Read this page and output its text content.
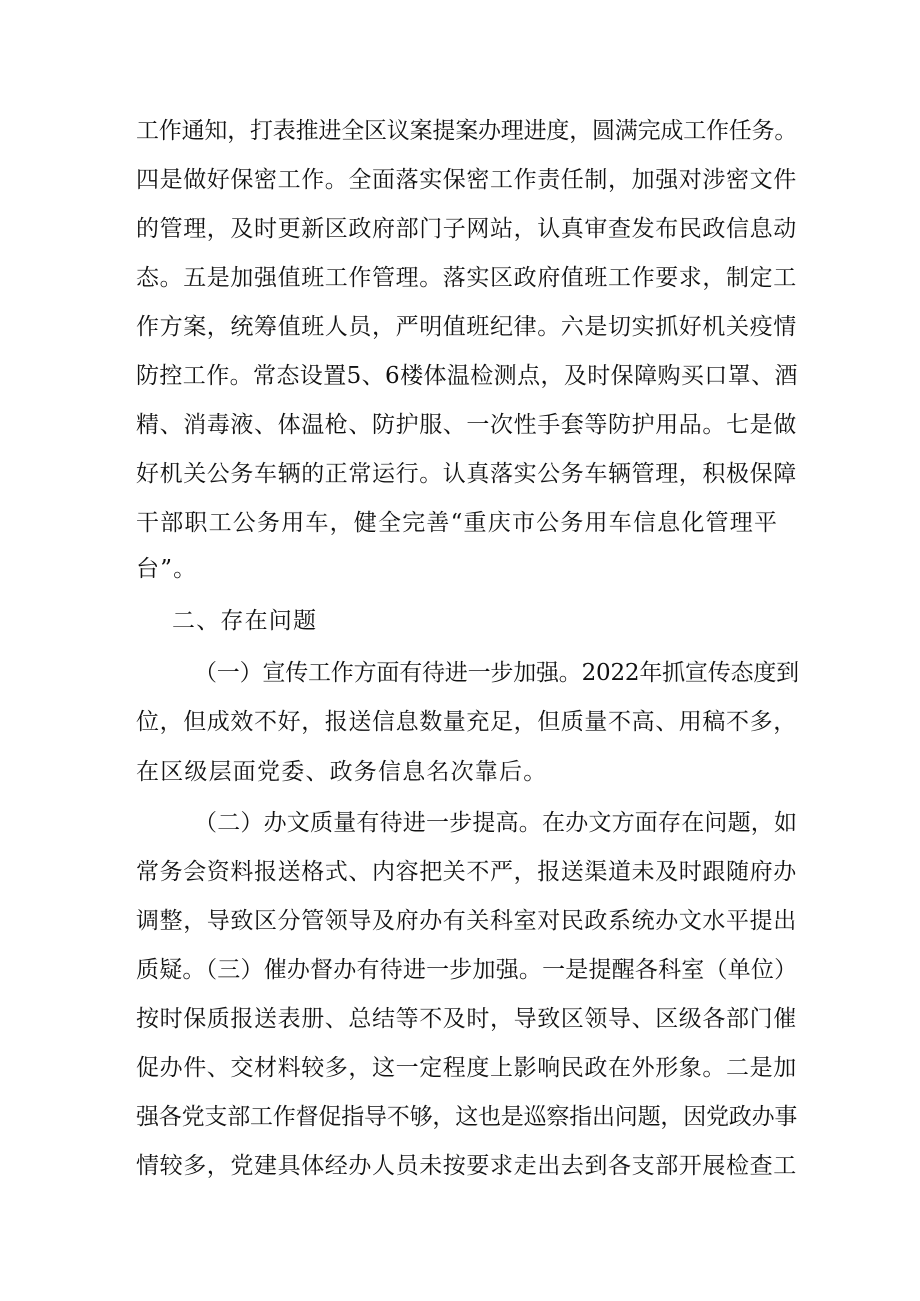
工作通知，打表推进全区议案提案办理进度，圆满完成工作任务。
四是做好保密工作。全面落实保密工作责任制，加强对涉密文件
的管理，及时更新区政府部门子网站，认真审查发布民政信息动
态。五是加强值班工作管理。落实区政府值班工作要求，制定工
作方案，统筹值班人员，严明值班纪律。六是切实抓好机关疫情
防控工作。常态设置5、6楼体温检测点，及时保障购买口罩、酒
精、消毒液、体温枪、防护服、一次性手套等防护用品。七是做
好机关公务车辆的正常运行。认真落实公务车辆管理，积极保障
干部职工公务用车，健全完善“重庆市公务用车信息化管理平
台”。
二、存在问题
（一）宣传工作方面有待进一步加强。2022年抓宣传态度到
位，但成效不好，报送信息数量充足，但质量不高、用稿不多，
在区级层面党委、政务信息名次靠后。
（二）办文质量有待进一步提高。在办文方面存在问题，如
常务会资料报送格式、内容把关不严，报送渠道未及时跟随府办
调整，导致区分管领导及府办有关科室对民政系统办文水平提出
质疑。（三）催办督办有待进一步加强。一是提醒各科室（单位）
按时保质报送表册、总结等不及时，导致区领导、区级各部门催
促办件、交材料较多，这一定程度上影响民政在外形象。二是加
强各党支部工作督促指导不够，这也是巡察指出问题，因党政办事
情较多，党建具体经办人员未按要求走出去到各支部开展检查工
